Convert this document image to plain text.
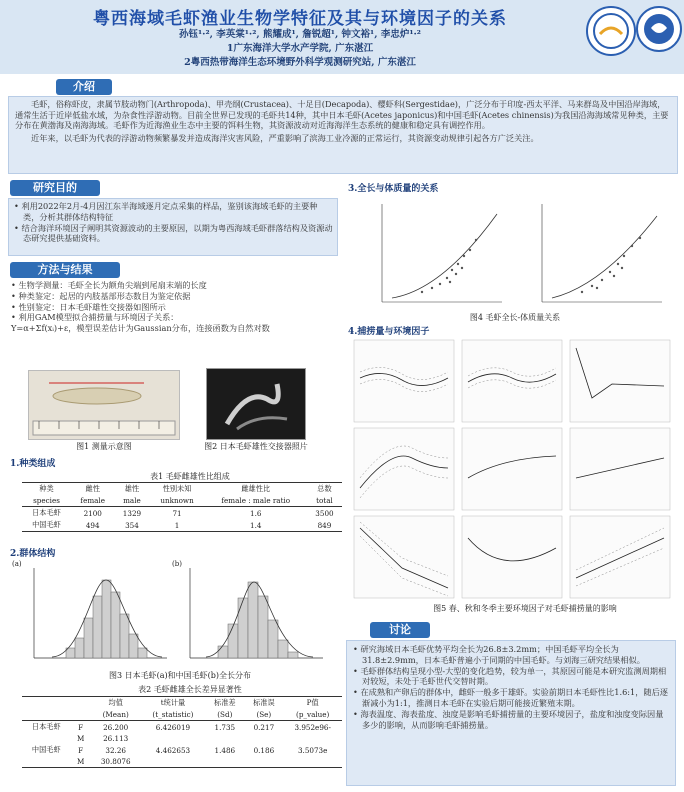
粤西海域毛虾渔业生物学特征及其与环境因子的关系
孙钰¹·², 李英棠¹·², 熊耀成¹, 詹锐超¹, 钟文裕¹, 李忠炉¹·²
1广东海洋大学水产学院, 广东湛江
2粤西热带海洋生态环境野外科学观测研究站, 广东湛江
介绍
毛虾，俗称虾皮，隶属节肢动物门(Arthropoda)、甲壳纲(Crustacea)、十足目(Decapoda)、樱虾科(Sergestidae)，广泛分布于印度-西太平洋、马来群岛及中国沿岸海域，通常生活于近岸低盐水域，为杂食性浮游动物。目前全世界已发现的毛虾共14种，其中日本毛虾(Acetes japonicus)和中国毛虾(Acetes chinensis)为我国沿海海域常见种类，主要分布在黄渤海及南海海域。毛虾作为近海渔业生态中主要的饵料生物，其资源波动对近海海洋生态系统的健康和稳定具有调控作用。
近年来，以毛虾为代表的浮游动物频繁暴发并造成海洋灾害风险，严重影响了滨海工业冷源的正常运行，其资源变动规律引起各方广泛关注。
研究目的
• 利用2022年2月-4月因江东半海域逐月定点采集的样品，鉴别该海域毛虾的主要种类，分析其群体结构特征
• 结合海洋环境因子阐明其资源波动的主要原因，以期为粤西海域毛虾群落结构及资源动态研究提供基础资料。
方法与结果
• 生物学测量：毛虾全长为额角尖端到尾扇末端的长度
• 种类鉴定：起居的内肢基部形态数目为鉴定依据
• 性别鉴定：日本毛虾雄性交接器如图所示
• 利用GAM模型拟合捕捞量与环境因子关系：
Y=α+Σf(xᵢ)+ε，模型误差估计为Gaussian分布，连接函数为自然对数
图1 测量示意图	图2 日本毛虾雄性交接器照片
1.种类组成
表1 毛虾雌雄性比组成
种类	雌性	雄性	性别未知	雌雄性比	总数
species	female	male	unknown	female : male ratio	total
日本毛虾	2100	1329	71	1.6	3500
中国毛虾	494	354	1	1.4	849
2.群体结构
(a)	(b)
图3 日本毛虾(a)和中国毛虾(b)全长分布
表2 毛虾雌雄全长差异显著性
		均值	t统计量	标准差	标准误	P值
		(Mean)	(t_statistic)	(Sd)	(Se)	(p_value)
日本毛虾	F	26.200	6.426019	1.735	0.217	3.952e96-
	M	26.113				
中国毛虾	F	32.26	4.462653	1.486	0.186	3.5073e
	M	30.8076				
3.全长与体质量的关系
图4 毛虾全长-体质量关系
4.捕捞量与环境因子
图5 春、秋和冬季主要环境因子对毛虾捕捞量的影响
讨论
• 研究海域日本毛虾优势平均全长为26.8±3.2mm；中国毛虾平均全长为31.8±2.9mm，日本毛虾普遍小于同期的中国毛虾。与刘海三研究结果相似。
• 毛虾群体结构呈现小型-大型的变化趋势，较为单一，其原因可能是本研究监测周期相对较短，未处于毛虾世代交替时期。
• 在成熟和产卵后的群体中，雌虾一般多于雄虾。实验前期日本毛虾性比1.6:1，随后逐渐减小为1:1，推测日本毛虾在实验后期可能接近繁殖末期。
• 海表温度、海表盐度、浊度是影响毛虾捕捞量的主要环境因子，盐度和浊度变际因量多少的影响，从而影响毛虾捕捞量。
